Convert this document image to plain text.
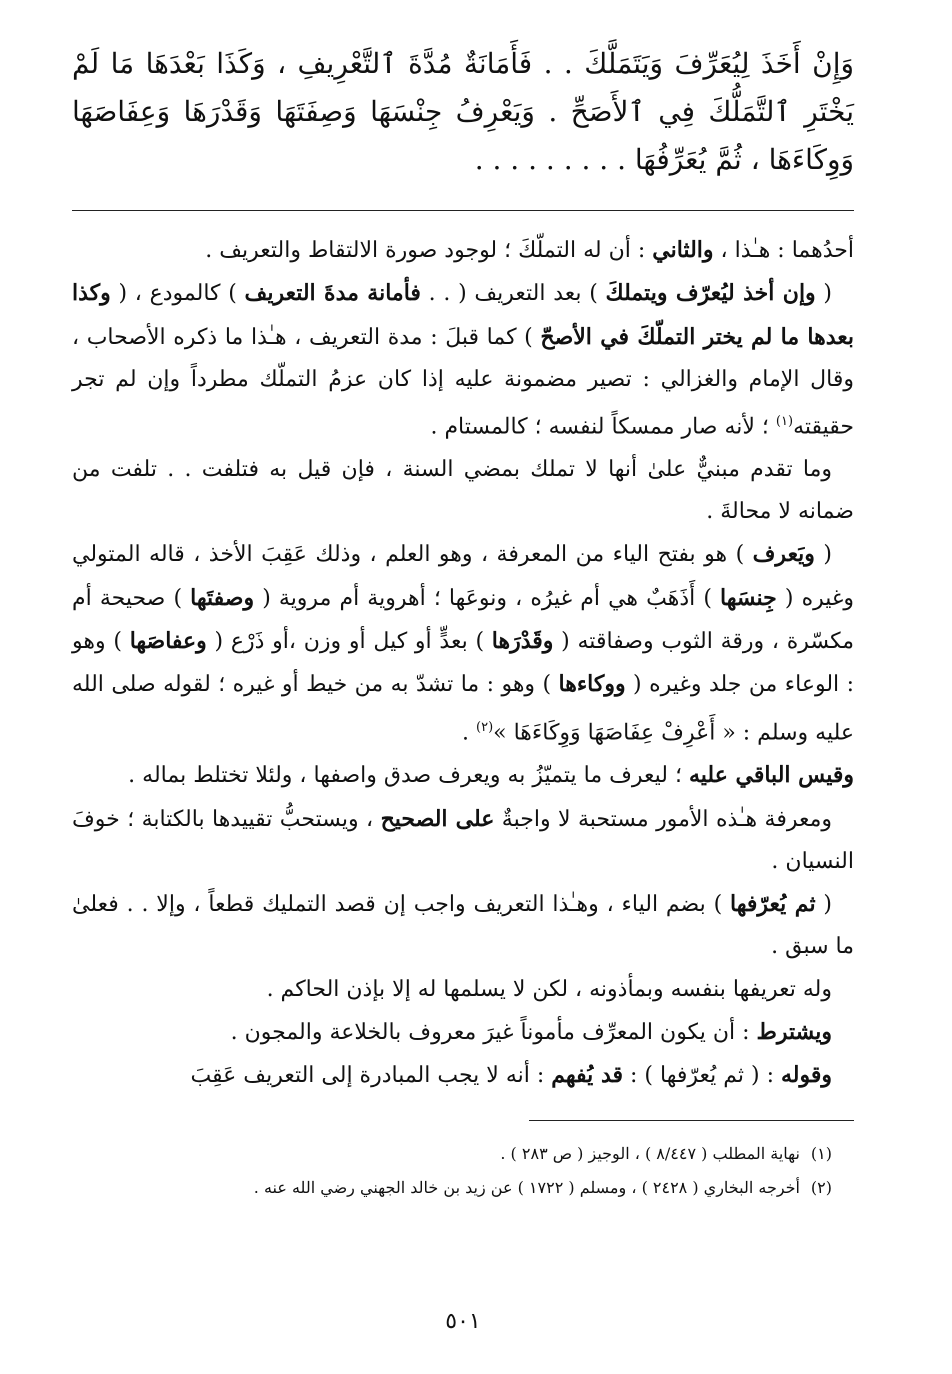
وَإِنْ أَخَذَ لِيُعَرِّفَ وَيَتَمَلَّكَ . . فَأَمَانَةٌ مُدَّةَ ٱلتَّعْرِيفِ ، وَكَذَا بَعْدَهَا مَا لَمْ يَخْتَرِ ٱلتَّمَلُّكَ فِي ٱلأَصَحِّ . وَيَعْرِفُ جِنْسَهَا وَصِفَتَهَا وَقَدْرَهَا وَعِفَاصَهَا وَوِكَاءَهَا ، ثُمَّ يُعَرِّفُهَا . . . . . . . . .

أحدُهما : هـٰذا ، والثاني : أن له التملّكَ ؛ لوجود صورة الالتقاط والتعريف .

( وإن أخذ ليُعرّف ويتملكَ ) بعد التعريف ( . . فأمانة مدةَ التعريف ) كالمودع ، ( وكذا بعدها ما لم يختر التملّكَ في الأصحّ ) كما قبلَ : مدة التعريف ، هـٰذا ما ذكره الأصحاب ، وقال الإمام والغزالي : تصير مضمونة عليه إذا كان عزمُ التملّك مطرداً وإن لم تجر حقيقته$^{(١)}$ ؛ لأنه صار ممسكاً لنفسه ؛ كالمستام .

وما تقدم مبنيٌّ علىٰ أنها لا تملك بمضي السنة ، فإن قيل به فتلفت . . تلفت من ضمانه لا محالةَ .

( ويَعرف ) هو بفتح الياء من المعرفة ، وهو العلم ، وذلك عَقِبَ الأخذ ، قاله المتولي وغيره ( جِنسَها ) أَذَهَبٌ هي أم غيرُه ، ونوعَها ؛ أهروية أم مروية ( وصفتَها ) صحيحة أم مكسّرة ، ورقة الثوب وصفاقته ( وقَدْرَها ) بعدٍّ أو كيل أو وزن ،أو ذَرْع ( وعفاصَها ) وهو : الوعاء من جلد وغيره ( ووكاءها ) وهو : ما تشدّ به من خيط أو غيره ؛ لقوله صلى الله عليه وسلم : « أَعْرِفْ عِفَاصَهَا وَوِكَاءَهَا »$^{(٢)}$ .

وقيس الباقي عليه ؛ ليعرف ما يتميّزُ به ويعرف صدق واصفها ، ولئلا تختلط بماله .

ومعرفة هـٰذه الأمور مستحبة لا واجبةٌ على الصحيح ، ويستحبُّ تقييدها بالكتابة ؛ خوفَ النسيان .

( ثم يُعرّفها ) بضم الياء ، وهـٰذا التعريف واجب إن قصد التمليك قطعاً ، وإلا . . فعلىٰ ما سبق .

وله تعريفها بنفسه وبمأذونه ، لكن لا يسلمها له إلا بإذن الحاكم .

ويشترط : أن يكون المعرِّف مأموناً غيرَ معروف بالخلاعة والمجون .

وقوله : ( ثم يُعرّفها ) : قد يُفهم : أنه لا يجب المبادرة إلى التعريف عَقِبَ

(١)نهاية المطلب ( ٨/٤٤٧ ) ، الوجيز ( ص ٢٨٣ ) .
(٢)أخرجه البخاري ( ٢٤٢٨ ) ، ومسلم ( ١٧٢٢ ) عن زيد بن خالد الجهني رضي الله عنه .
٥٠١
